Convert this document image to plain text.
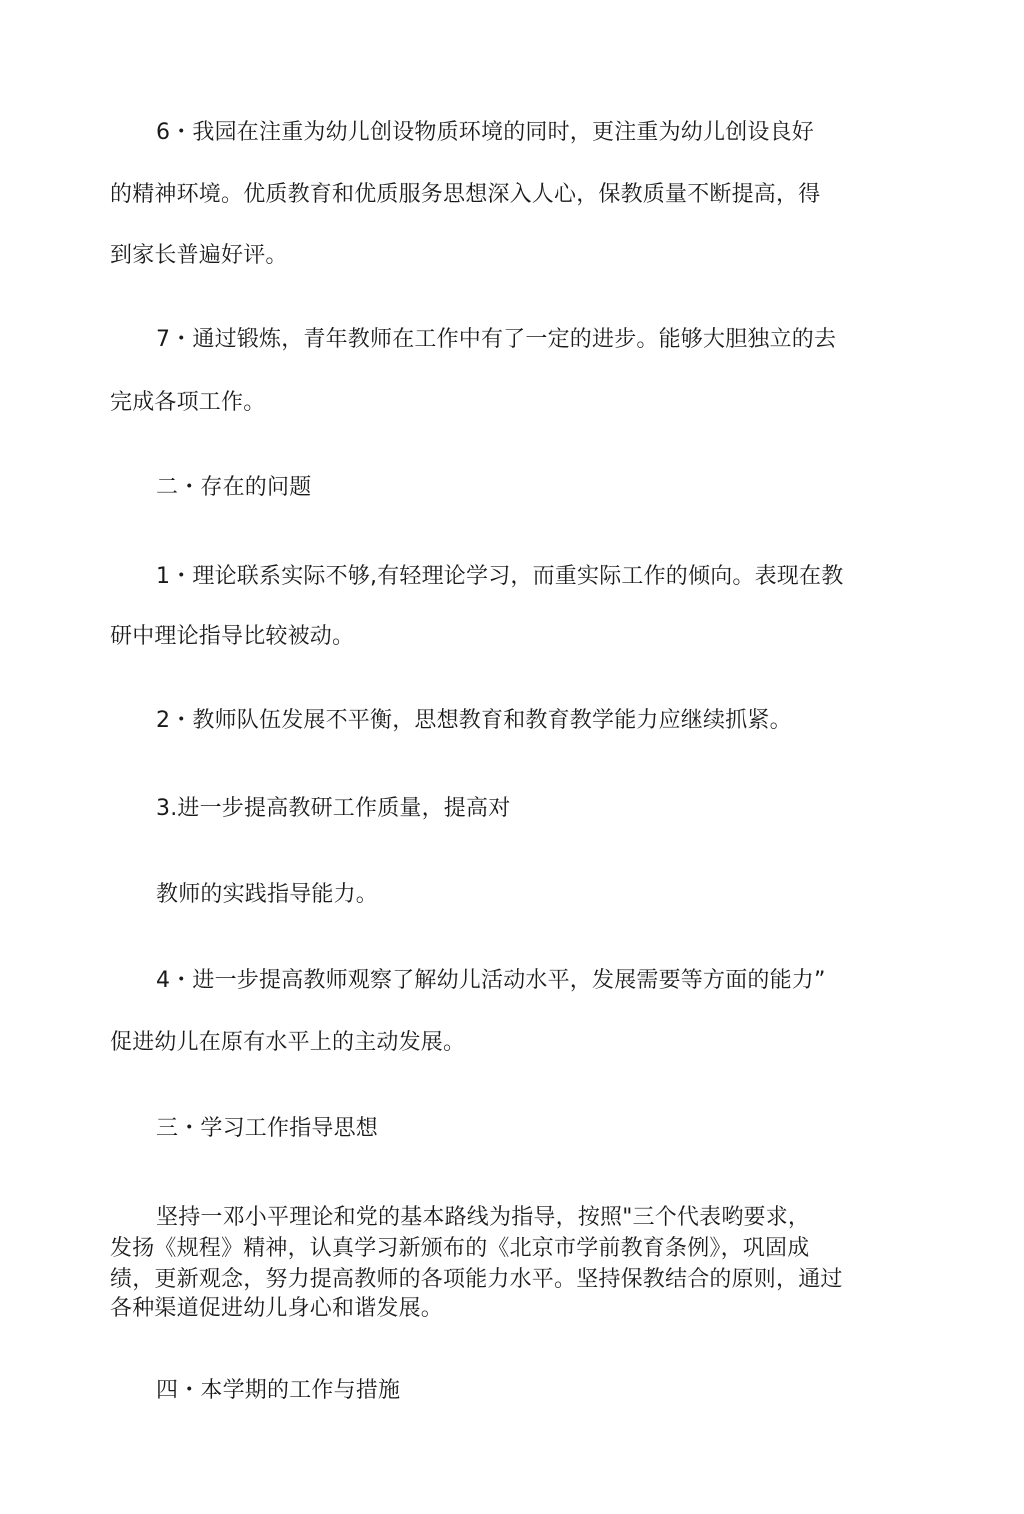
6・我园在注重为幼儿创设物质环境的同时，更注重为幼儿创设良好
的精神环境。优质教育和优质服务思想深入人心，保教质量不断提高，得
到家长普遍好评。
7・通过锻炼，青年教师在工作中有了一定的进步。能够大胆独立的去
完成各项工作。
二・存在的问题
1・理论联系实际不够,有轻理论学习，而重实际工作的倾向。表现在教
研中理论指导比较被动。
2・教师队伍发展不平衡，思想教育和教育教学能力应继续抓紧。
3.进一步提高教研工作质量，提高对
教师的实践指导能力。
4・进一步提高教师观察了解幼儿活动水平，发展需要等方面的能力”
促进幼儿在原有水平上的主动发展。
三・学习工作指导思想
坚持一邓小平理论和党的基本路线为指导，按照"三个代表哟要求，
发扬《规程》精神，认真学习新颁布的《北京市学前教育条例》，巩固成
绩，更新观念，努力提高教师的各项能力水平。坚持保教结合的原则，通过
各种渠道促进幼儿身心和谐发展。
四・本学期的工作与措施
